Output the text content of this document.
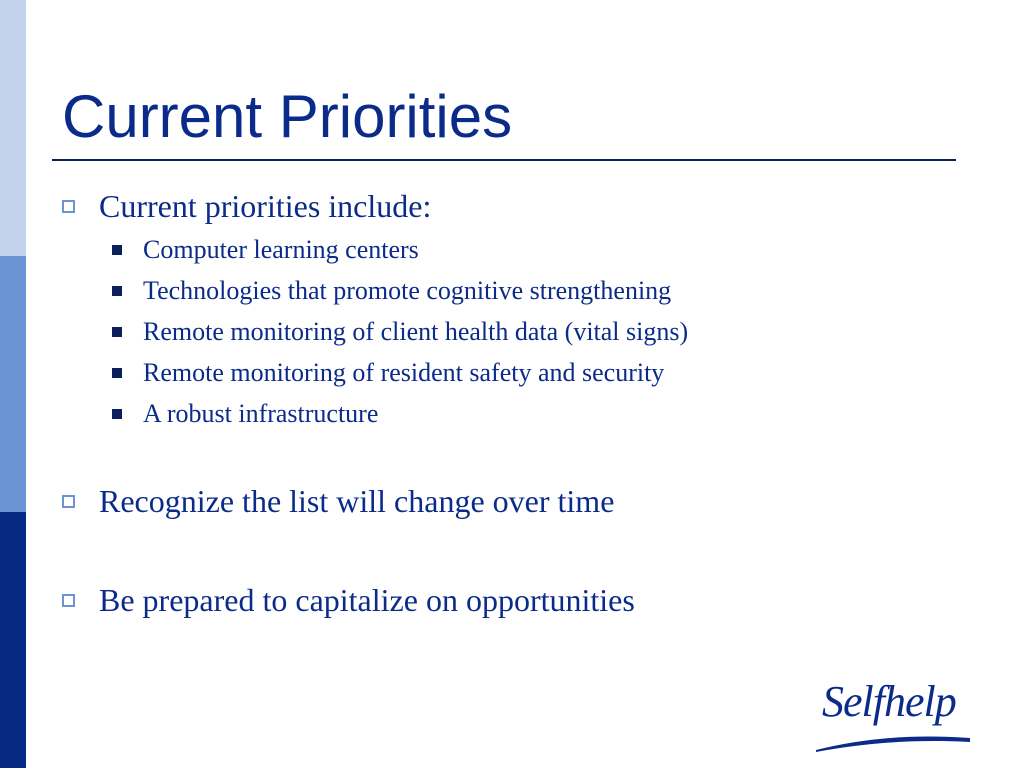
Current Priorities
Current priorities include:
Computer learning centers
Technologies that promote cognitive strengthening
Remote monitoring of client health data (vital signs)
Remote monitoring of resident safety and security
A robust infrastructure
Recognize the list will change over time
Be prepared to capitalize on opportunities
Selfhelp
